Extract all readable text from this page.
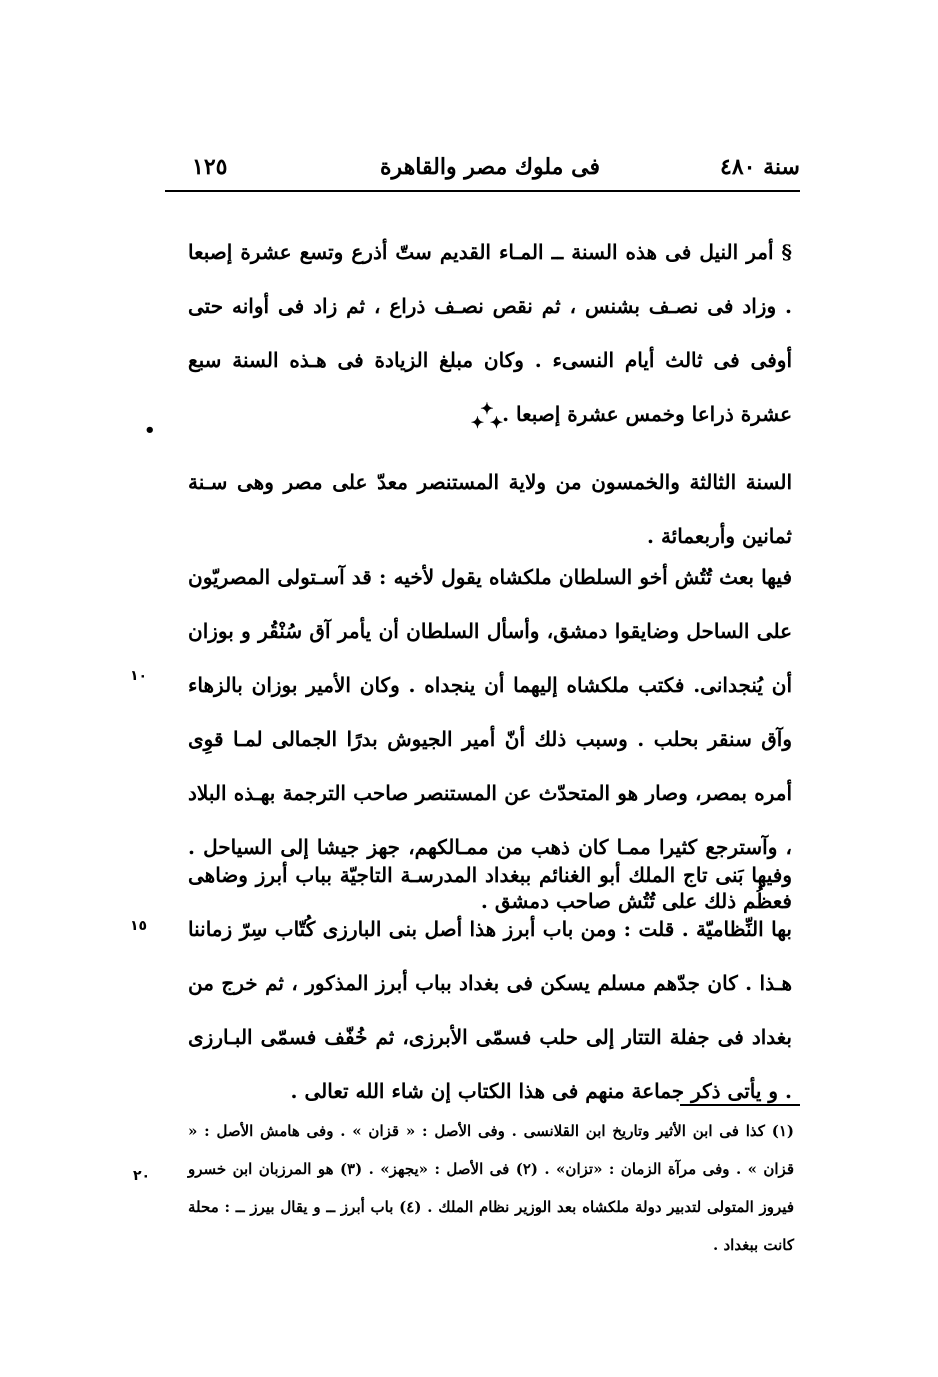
سنة ٤٨٠
فى ملوك مصر والقاهرة
١٢٥
§ أمر النيل فى هذه السنة ــ المـاء القديم ستّ أذرع وتسع عشرة إصبعا . وزاد فى نصـف بشنس ، ثم نقص نصـف ذراع ، ثم زاد فى أوانه حتى أوفى فى ثالث أيام النسىء . وكان مبلغ الزيادة فى هـذه السنة سبع عشرة ذراعا وخمس عشرة إصبعا .
✦
✦ ✦
•
السنة الثالثة والخمسون من ولاية المستنصر معدّ على مصر وهى سـنة ثمانين وأربعمائة .
فيها بعث تُتُش أخو السلطان ملكشاه يقول لأخيه : قد آسـتولى المصريّون على الساحل وضايقوا دمشق، وأسأل السلطان أن يأمر آق سُنْقُر و بوزان أن يُنجدانى. فكتب ملكشاه إليهما أن ينجداه . وكان الأمير بوزان بالزهاء وآق سنقر بحلب . وسبب ذلك أنّ أمير الجيوش بدرًا الجمالى لمـا قوِى أمره بمصر، وصار هو المتحدّث عن المستنصر صاحب الترجمة بهـذه البلاد ، وآسترجع كثيرا ممـا كان ذهب من ممـالكهم، جهز جيشا إلى السياحل . فعظُم ذلك على تُتُش صاحب دمشق .
وفيها بَنى تاج الملك أبو الغنائم ببغداد المدرسـة التاجيّة بباب أبرز وضاهى بها النِّظاميّة . قلت : ومن باب أبرز هذا أصل بنى البارزى كُتّاب سِرّ زماننا هـذا . كان جدّهم مسلم يسكن فى بغداد بباب أبرز المذكور ، ثم خرج من بغداد فى جفلة التتار إلى حلب فسمّى الأبرزى، ثم خُفّف فسمّى البـارزى . و يأتى ذكر جماعة منهم فى هذا الكتاب إن شاء الله تعالى .
١٠
١٥
٢٠
(١) كذا فى ابن الأثير وتاريخ ابن القلانسى . وفى الأصل : « قزان » . وفى هامش الأصل : « قزان » . وفى مرآة الزمان : «تزان» . (٢) فى الأصل : «يجهز» . (٣) هو المرزبان ابن خسرو فيروز المتولى لتدبير دولة ملكشاه بعد الوزير نظام الملك . (٤) باب أبرز ــ و يقال بيرز ــ : محلة كانت ببغداد .
